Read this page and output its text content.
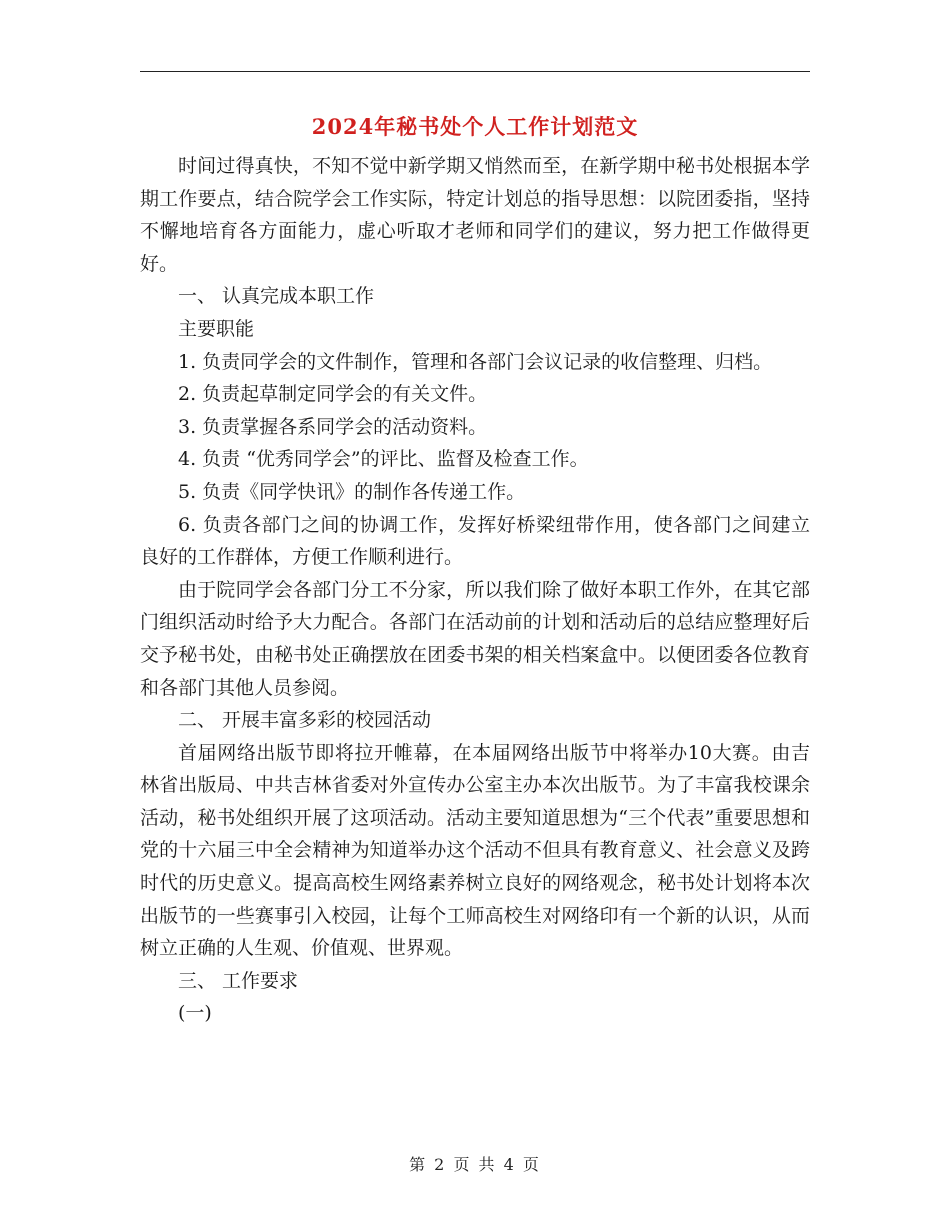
2024年秘书处个人工作计划范文

时间过得真快，不知不觉中新学期又悄然而至，在新学期中秘书处根据本学期工作要点，结合院学会工作实际，特定计划总的指导思想：以院团委指，坚持不懈地培育各方面能力，虚心听取才老师和同学们的建议，努力把工作做得更好。

一、 认真完成本职工作

主要职能

1. 负责同学会的文件制作，管理和各部门会议记录的收信整理、归档。

2. 负责起草制定同学会的有关文件。

3. 负责掌握各系同学会的活动资料。

4. 负责 “优秀同学会”的评比、监督及检查工作。

5. 负责《同学快讯》的制作各传递工作。

6. 负责各部门之间的协调工作，发挥好桥梁纽带作用，使各部门之间建立良好的工作群体，方便工作顺利进行。

由于院同学会各部门分工不分家，所以我们除了做好本职工作外，在其它部门组织活动时给予大力配合。各部门在活动前的计划和活动后的总结应整理好后交予秘书处，由秘书处正确摆放在团委书架的相关档案盒中。以便团委各位教育和各部门其他人员参阅。

二、 开展丰富多彩的校园活动

首届网络出版节即将拉开帷幕，在本届网络出版节中将举办10大赛。由吉林省出版局、中共吉林省委对外宣传办公室主办本次出版节。为了丰富我校课余活动，秘书处组织开展了这项活动。活动主要知道思想为“三个代表”重要思想和党的十六届三中全会精神为知道举办这个活动不但具有教育意义、社会意义及跨时代的历史意义。提高高校生网络素养树立良好的网络观念，秘书处计划将本次出版节的一些赛事引入校园，让每个工师高校生对网络印有一个新的认识，从而树立正确的人生观、价值观、世界观。

三、 工作要求

(一)

第 2 页 共 4 页
